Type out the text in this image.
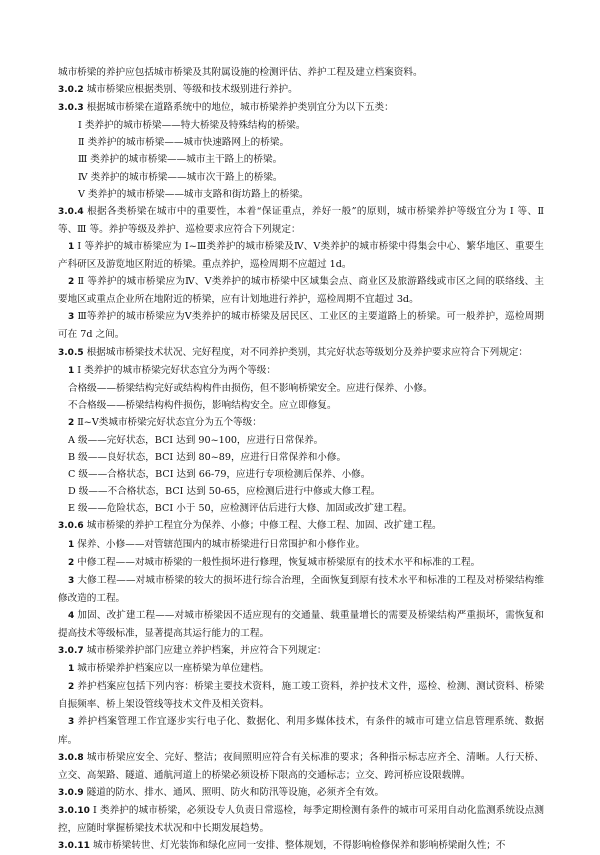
城市桥梁的养护应包括城市桥梁及其附属设施的检测评估、养护工程及建立档案资料。

3.0.2 城市桥梁应根据类别、等级和技术级别进行养护。

3.0.3 根据城市桥梁在道路系统中的地位，城市桥梁养护类别宜分为以下五类：

Ⅰ 类养护的城市桥梁——特大桥梁及特殊结构的桥梁。

Ⅱ 类养护的城市桥梁——城市快速路网上的桥梁。

Ⅲ 类养护的城市桥梁——城市主干路上的桥梁。

Ⅳ 类养护的城市桥梁——城市次干路上的桥梁。

Ⅴ 类养护的城市桥梁——城市支路和街坊路上的桥梁。

3.0.4 根据各类桥梁在城市中的重要性，本着“保证重点，养好一般”的原则，城市桥梁养护等级宜分为 Ⅰ 等、Ⅱ 等、Ⅲ 等。养护等级及养护、巡检要求应符合下列规定：

1 Ⅰ 等养护的城市桥梁应为 Ⅰ~Ⅲ类养护的城市桥梁及Ⅳ、Ⅴ类养护的城市桥梁中得集会中心、繁华地区、重要生产科研区及游览地区附近的桥梁。重点养护，巡检周期不应超过 1d。

2 Ⅱ 等养护的城市桥梁应为Ⅳ、Ⅴ类养护的城市桥梁中区域集会点、商业区及旅游路线或市区之间的联络线、主要地区或重点企业所在地附近的桥梁，应有计划地进行养护，巡检周期不宜超过 3d。

3 Ⅲ等养护的城市桥梁应为Ⅴ类养护的城市桥梁及居民区、工业区的主要道路上的桥梁。可一般养护，巡检周期可在 7d 之间。

3.0.5 根据城市桥梁技术状况、完好程度，对不同养护类别，其完好状态等级划分及养护要求应符合下列规定：

1 Ⅰ 类养护的城市桥梁完好状态宜分为两个等级：

合格级——桥梁结构完好或结构构件由损伤，但不影响桥梁安全。应进行保养、小修。

不合格级——桥梁结构构件损伤，影响结构安全。应立即修复。

2 Ⅱ~Ⅴ类城市桥梁完好状态宜分为五个等级：

A 级——完好状态，BCI 达到 90~100，应进行日常保养。

B 级——良好状态，BCI 达到 80~89，应进行日常保养和小修。

C 级——合格状态，BCI 达到 66-79，应进行专项检测后保养、小修。

D 级——不合格状态，BCI 达到 50-65，应检测后进行中修或大修工程。

E 级——危险状态，BCI 小于 50，应检测评估后进行大修、加固或改扩建工程。

3.0.6 城市桥梁的养护工程宜分为保养、小修；中修工程、大修工程、加固、改扩建工程。

1 保养、小修——对管辖范围内的城市桥梁进行日常围护和小修作业。

2 中修工程——对城市桥梁的一般性损坏进行修理，恢复城市桥梁原有的技术水平和标准的工程。

3 大修工程——对城市桥梁的较大的损坏进行综合治理，全面恢复到原有技术水平和标准的工程及对桥梁结构维修改造的工程。

4 加固、改扩建工程——对城市桥梁因不适应现有的交通量、载重量增长的需要及桥梁结构严重损坏，需恢复和提高技术等级标准，显著提高其运行能力的工程。

3.0.7 城市桥梁养护部门应建立养护档案，并应符合下列规定：

1 城市桥梁养护档案应以一座桥梁为单位建档。

2 养护档案应包括下列内容：桥梁主要技术资料，施工竣工资料，养护技术文件，巡检、检测、测试资料、桥梁自振频率、桥上架设管线等技术文件及相关资料。

3 养护档案管理工作宜逐步实行电子化、数据化、利用多媒体技术，有条件的城市可建立信息管理系统、数据库。

3.0.8 城市桥梁应安全、完好、整洁；夜间照明应符合有关标准的要求；各种指示标志应齐全、清晰。人行天桥、立交、高架路、隧道、通航河道上的桥梁必须设桥下限高的交通标志；立交、跨河桥应设限载牌。

3.0.9 隧道的防水、排水、通风、照明、防火和防汛等设施，必须齐全有效。

3.0.10 Ⅰ 类养护的城市桥梁，必须设专人负责日常巡检，每季定期检测有条件的城市可采用自动化监测系统设点测控，应随时掌握桥梁技术状况和中长期发展趋势。

3.0.11 城市桥梁转世、灯光装饰和绿化应同一安排、整体规划，不得影响检修保养和影响桥梁耐久性；不
